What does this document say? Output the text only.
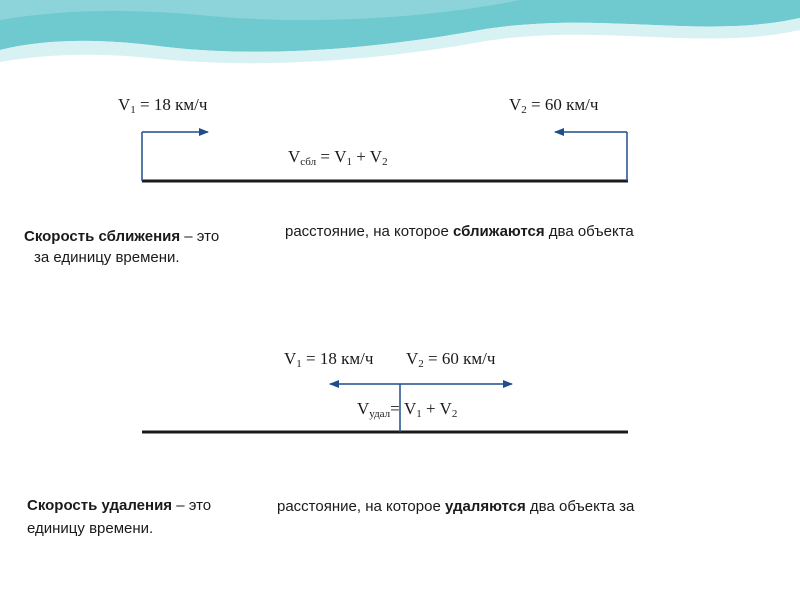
$V_1 = 18$ км/ч	$V_2 = 60$ км/ч
$V_{сбл} = V_1 + V_2$
Скорость сближения – это	расстояние, на которое сближаются два объекта
за единицу времени.
$V_1 = 18$ км/ч $V_2 = 60$ км/ч
$V_{удал}= V_1 + V_2$
Скорость удаления – это	расстояние, на которое удаляются два объекта за
единицу времени.
